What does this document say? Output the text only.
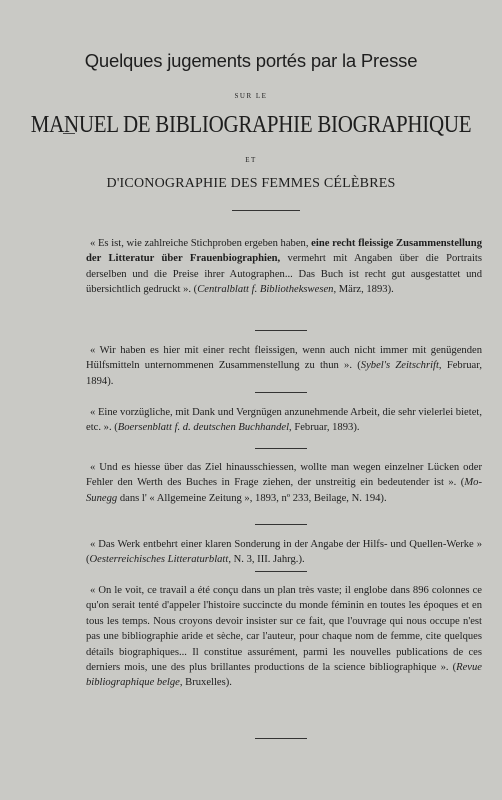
Quelques jugements portés par la Presse
SUR LE
MANUEL DE BIBLIOGRAPHIE BIOGRAPHIQUE
ET
D'ICONOGRAPHIE DES FEMMES CÉLÈBRES

« Es ist, wie zahlreiche Stichproben ergeben haben, eine recht fleissige Zusammenstellung der Litteratur über Frauenbiographien, vermehrt mit Angaben über die Portraits derselben und die Preise ihrer Autographen... Das Buch ist recht gut ausgestattet und übersichtlich gedruckt ». (Centralblatt f. Bibliothekswesen, März, 1893).

« Wir haben es hier mit einer recht fleissigen, wenn auch nicht immer mit genügenden Hülfsmitteln unternommenen Zusammenstellung zu thun ». (Sybel's Zeitschrift, Februar, 1894).

« Eine vorzügliche, mit Dank und Vergnügen anzunehmende Arbeit, die sehr vielerlei bietet, etc. ». (Boersenblatt f. d. deutschen Buchhandel, Februar, 1893).

« Und es hiesse über das Ziel hinausschiessen, wollte man wegen einzelner Lücken oder Fehler den Werth des Buches in Frage ziehen, der unstreitig ein bedeutender ist ». (Mo-Sunegg dans l' « Allgemeine Zeitung », 1893, nº 233, Beilage, N. 194).

« Das Werk entbehrt einer klaren Sonderung in der Angabe der Hilfs- und Quellen-Werke » (Oesterreichisches Litteraturblatt, N. 3, III. Jahrg.).

« On le voit, ce travail a été conçu dans un plan très vaste; il englobe dans 896 colonnes ce qu'on serait tenté d'appeler l'histoire succincte du monde féminin en toutes les époques et en tous les temps. Nous croyons devoir insister sur ce fait, que l'ouvrage qui nous occupe n'est pas une bibliographie aride et sèche, car l'auteur, pour chaque nom de femme, cite quelques détails biographiques... Il constitue assurément, parmi les nouvelles publications de ces derniers mois, une des plus brillantes productions de la science bibliographique ». (Revue bibliographique belge, Bruxelles).
